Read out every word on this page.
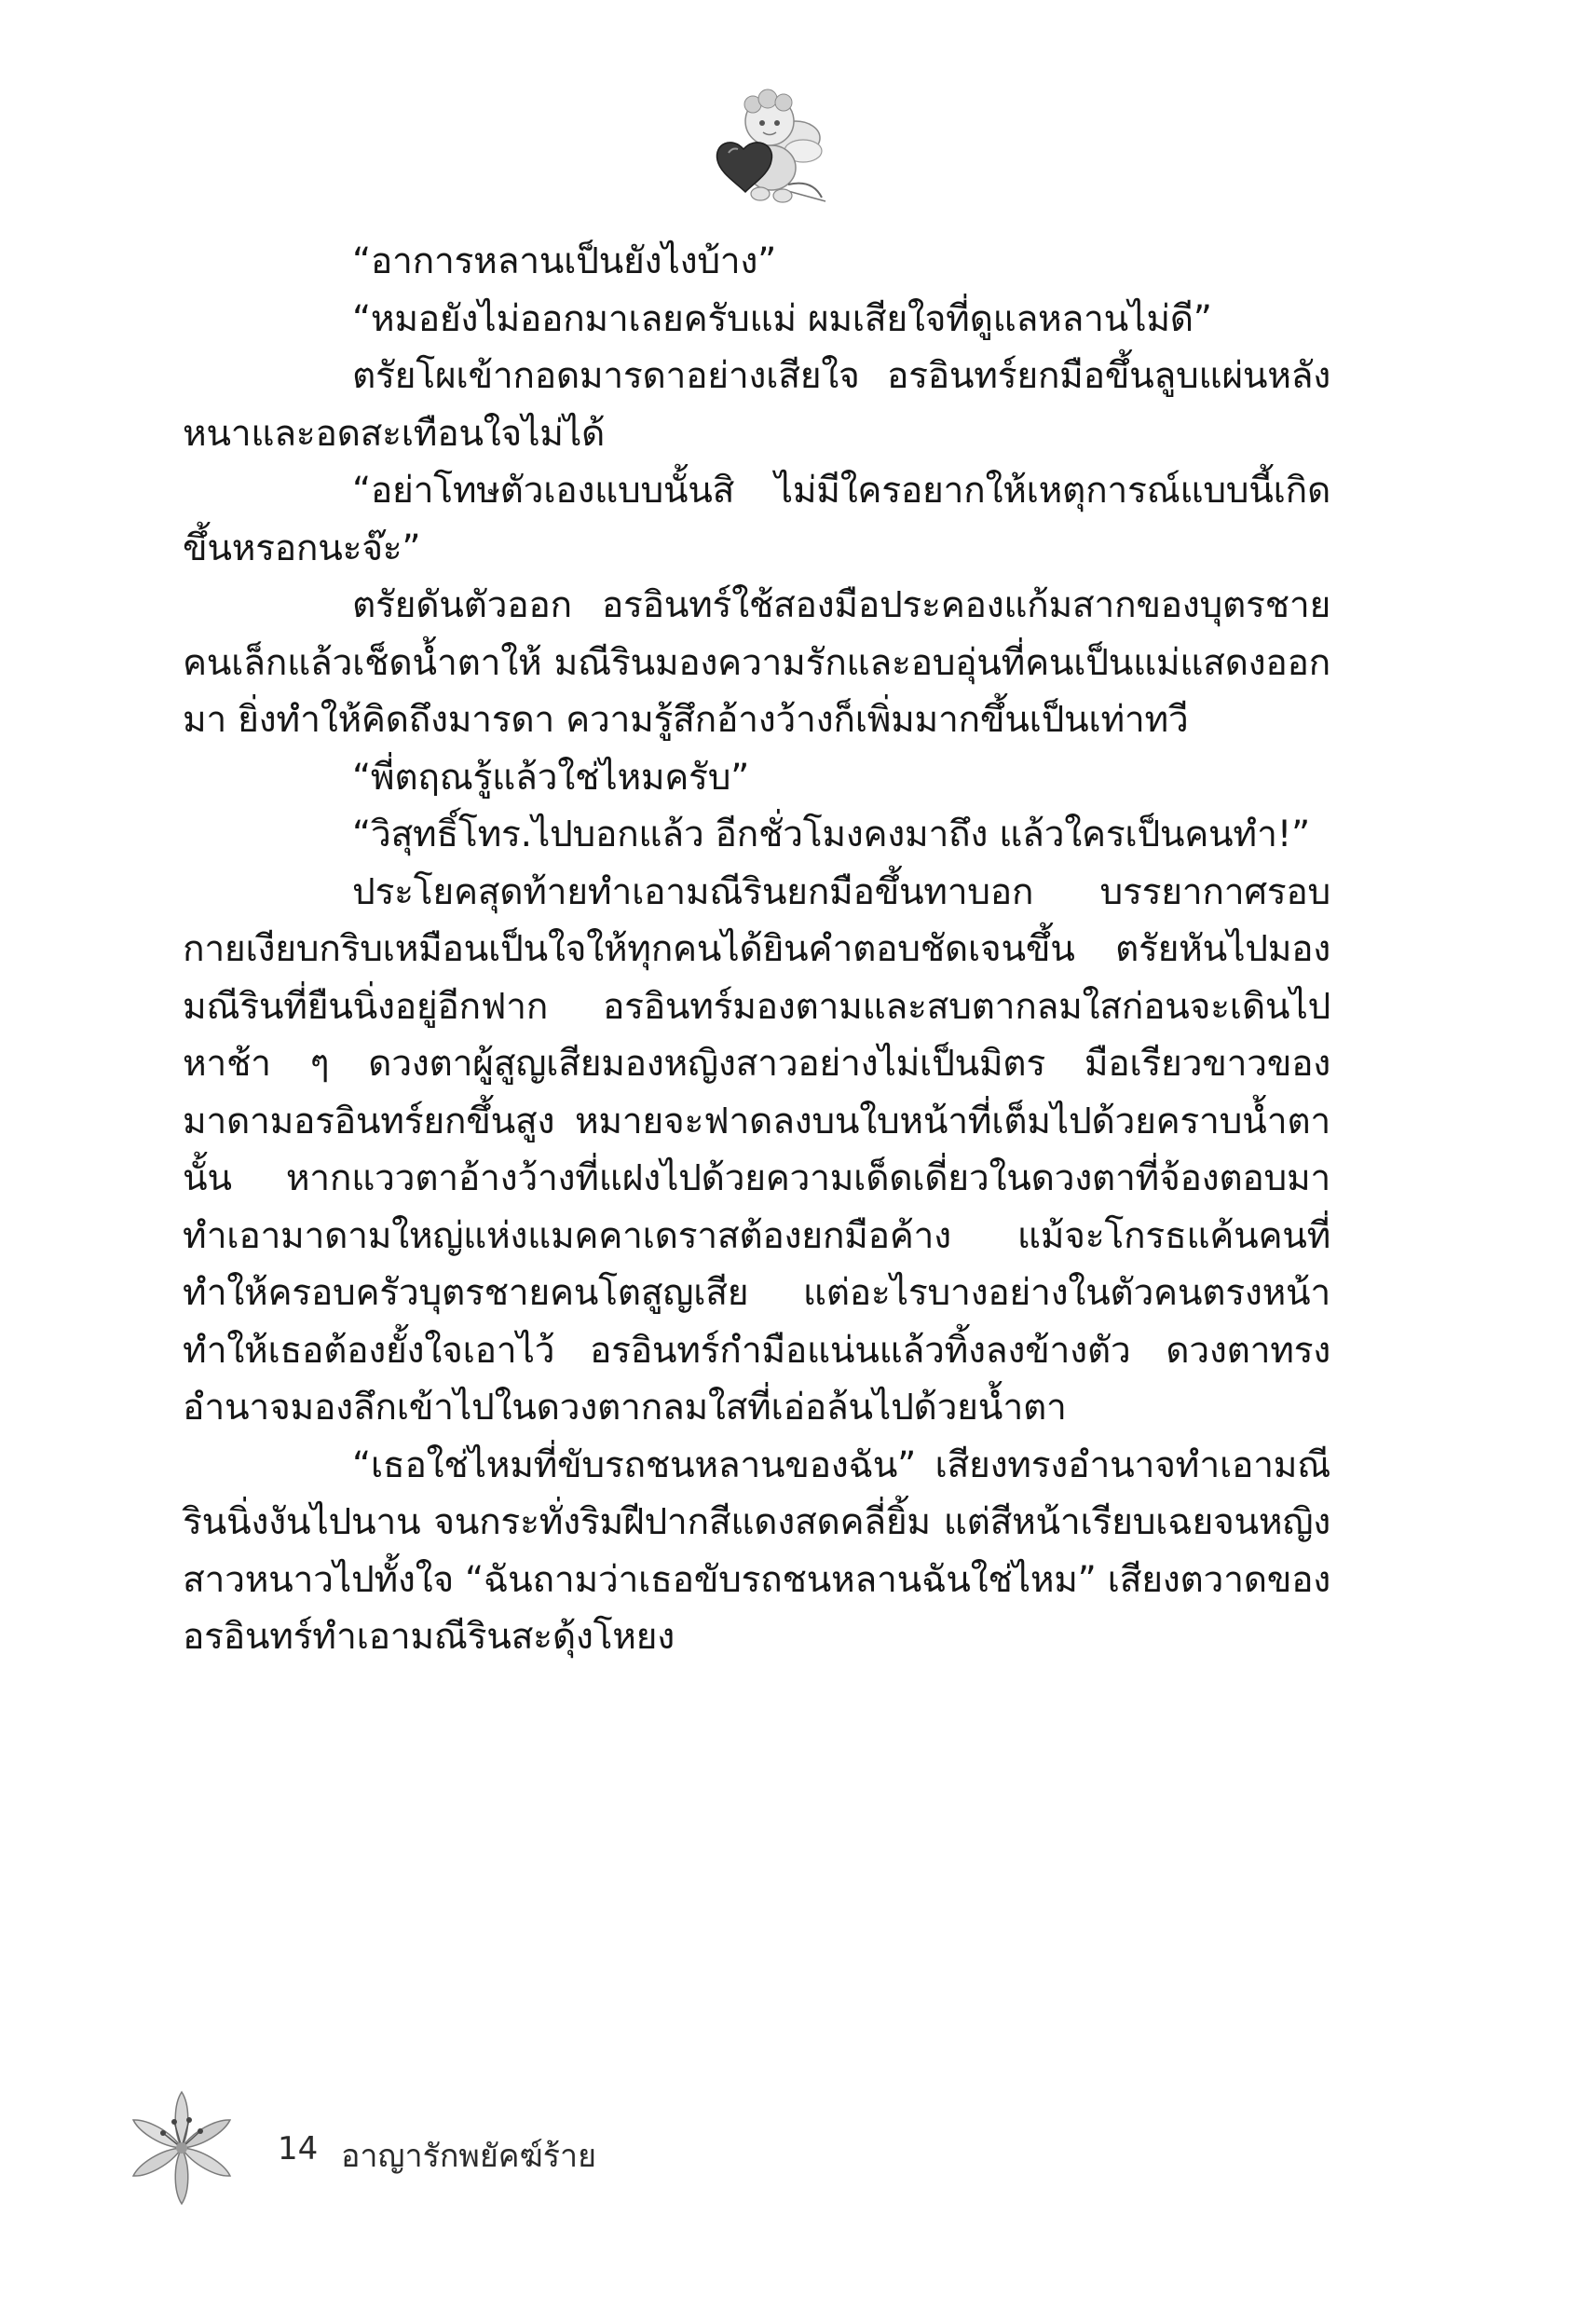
“อาการหลานเป็นยังไงบ้าง”

“หมอยังไม่ออกมาเลยครับแม่ ผมเสียใจที่ดูแลหลานไม่ดี”

ตรัยโผเข้ากอดมารดาอย่างเสียใจ อรอินทร์ยกมือขึ้นลูบแผ่นหลังหนาและอดสะเทือนใจไม่ได้

“อย่าโทษตัวเองแบบนั้นสิ ไม่มีใครอยากให้เหตุการณ์แบบนี้เกิดขึ้นหรอกนะจ๊ะ”

ตรัยดันตัวออก อรอินทร์ใช้สองมือประคองแก้มสากของบุตรชายคนเล็กแล้วเช็ดน้ำตาให้ มณีรินมองความรักและอบอุ่นที่คนเป็นแม่แสดงออกมา ยิ่งทำให้คิดถึงมารดา ความรู้สึกอ้างว้างก็เพิ่มมากขึ้นเป็นเท่าทวี

“พี่ตฤณรู้แล้วใช่ไหมครับ”

“วิสุทธิ์โทร.ไปบอกแล้ว อีกชั่วโมงคงมาถึง แล้วใครเป็นคนทำ!”

ประโยคสุดท้ายทำเอามณีรินยกมือขึ้นทาบอก บรรยากาศรอบกายเงียบกริบเหมือนเป็นใจให้ทุกคนได้ยินคำตอบชัดเจนขึ้น ตรัยหันไปมองมณีรินที่ยืนนิ่งอยู่อีกฟาก อรอินทร์มองตามและสบตากลมใสก่อนจะเดินไปหาช้า ๆ ดวงตาผู้สูญเสียมองหญิงสาวอย่างไม่เป็นมิตร มือเรียวขาวของมาดามอรอินทร์ยกขึ้นสูง หมายจะฟาดลงบนใบหน้าที่เต็มไปด้วยคราบน้ำตานั้น หากแววตาอ้างว้างที่แฝงไปด้วยความเด็ดเดี่ยวในดวงตาที่จ้องตอบมา ทำเอามาดามใหญ่แห่งแมคคาเดราสต้องยกมือค้าง แม้จะโกรธแค้นคนที่ทำให้ครอบครัวบุตรชายคนโตสูญเสีย แต่อะไรบางอย่างในตัวคนตรงหน้าทำให้เธอต้องยั้งใจเอาไว้ อรอินทร์กำมือแน่นแล้วทิ้งลงข้างตัว ดวงตาทรงอำนาจมองลึกเข้าไปในดวงตากลมใสที่เอ่อล้นไปด้วยน้ำตา

“เธอใช่ไหมที่ขับรถชนหลานของฉัน” เสียงทรงอำนาจทำเอามณีรินนิ่งงันไปนาน จนกระทั่งริมฝีปากสีแดงสดคลี่ยิ้ม แต่สีหน้าเรียบเฉยจนหญิงสาวหนาวไปทั้งใจ “ฉันถามว่าเธอขับรถชนหลานฉันใช่ไหม” เสียงตวาดของอรอินทร์ทำเอามณีรินสะดุ้งโหยง

14 อาญารักพยัคฆ์ร้าย
